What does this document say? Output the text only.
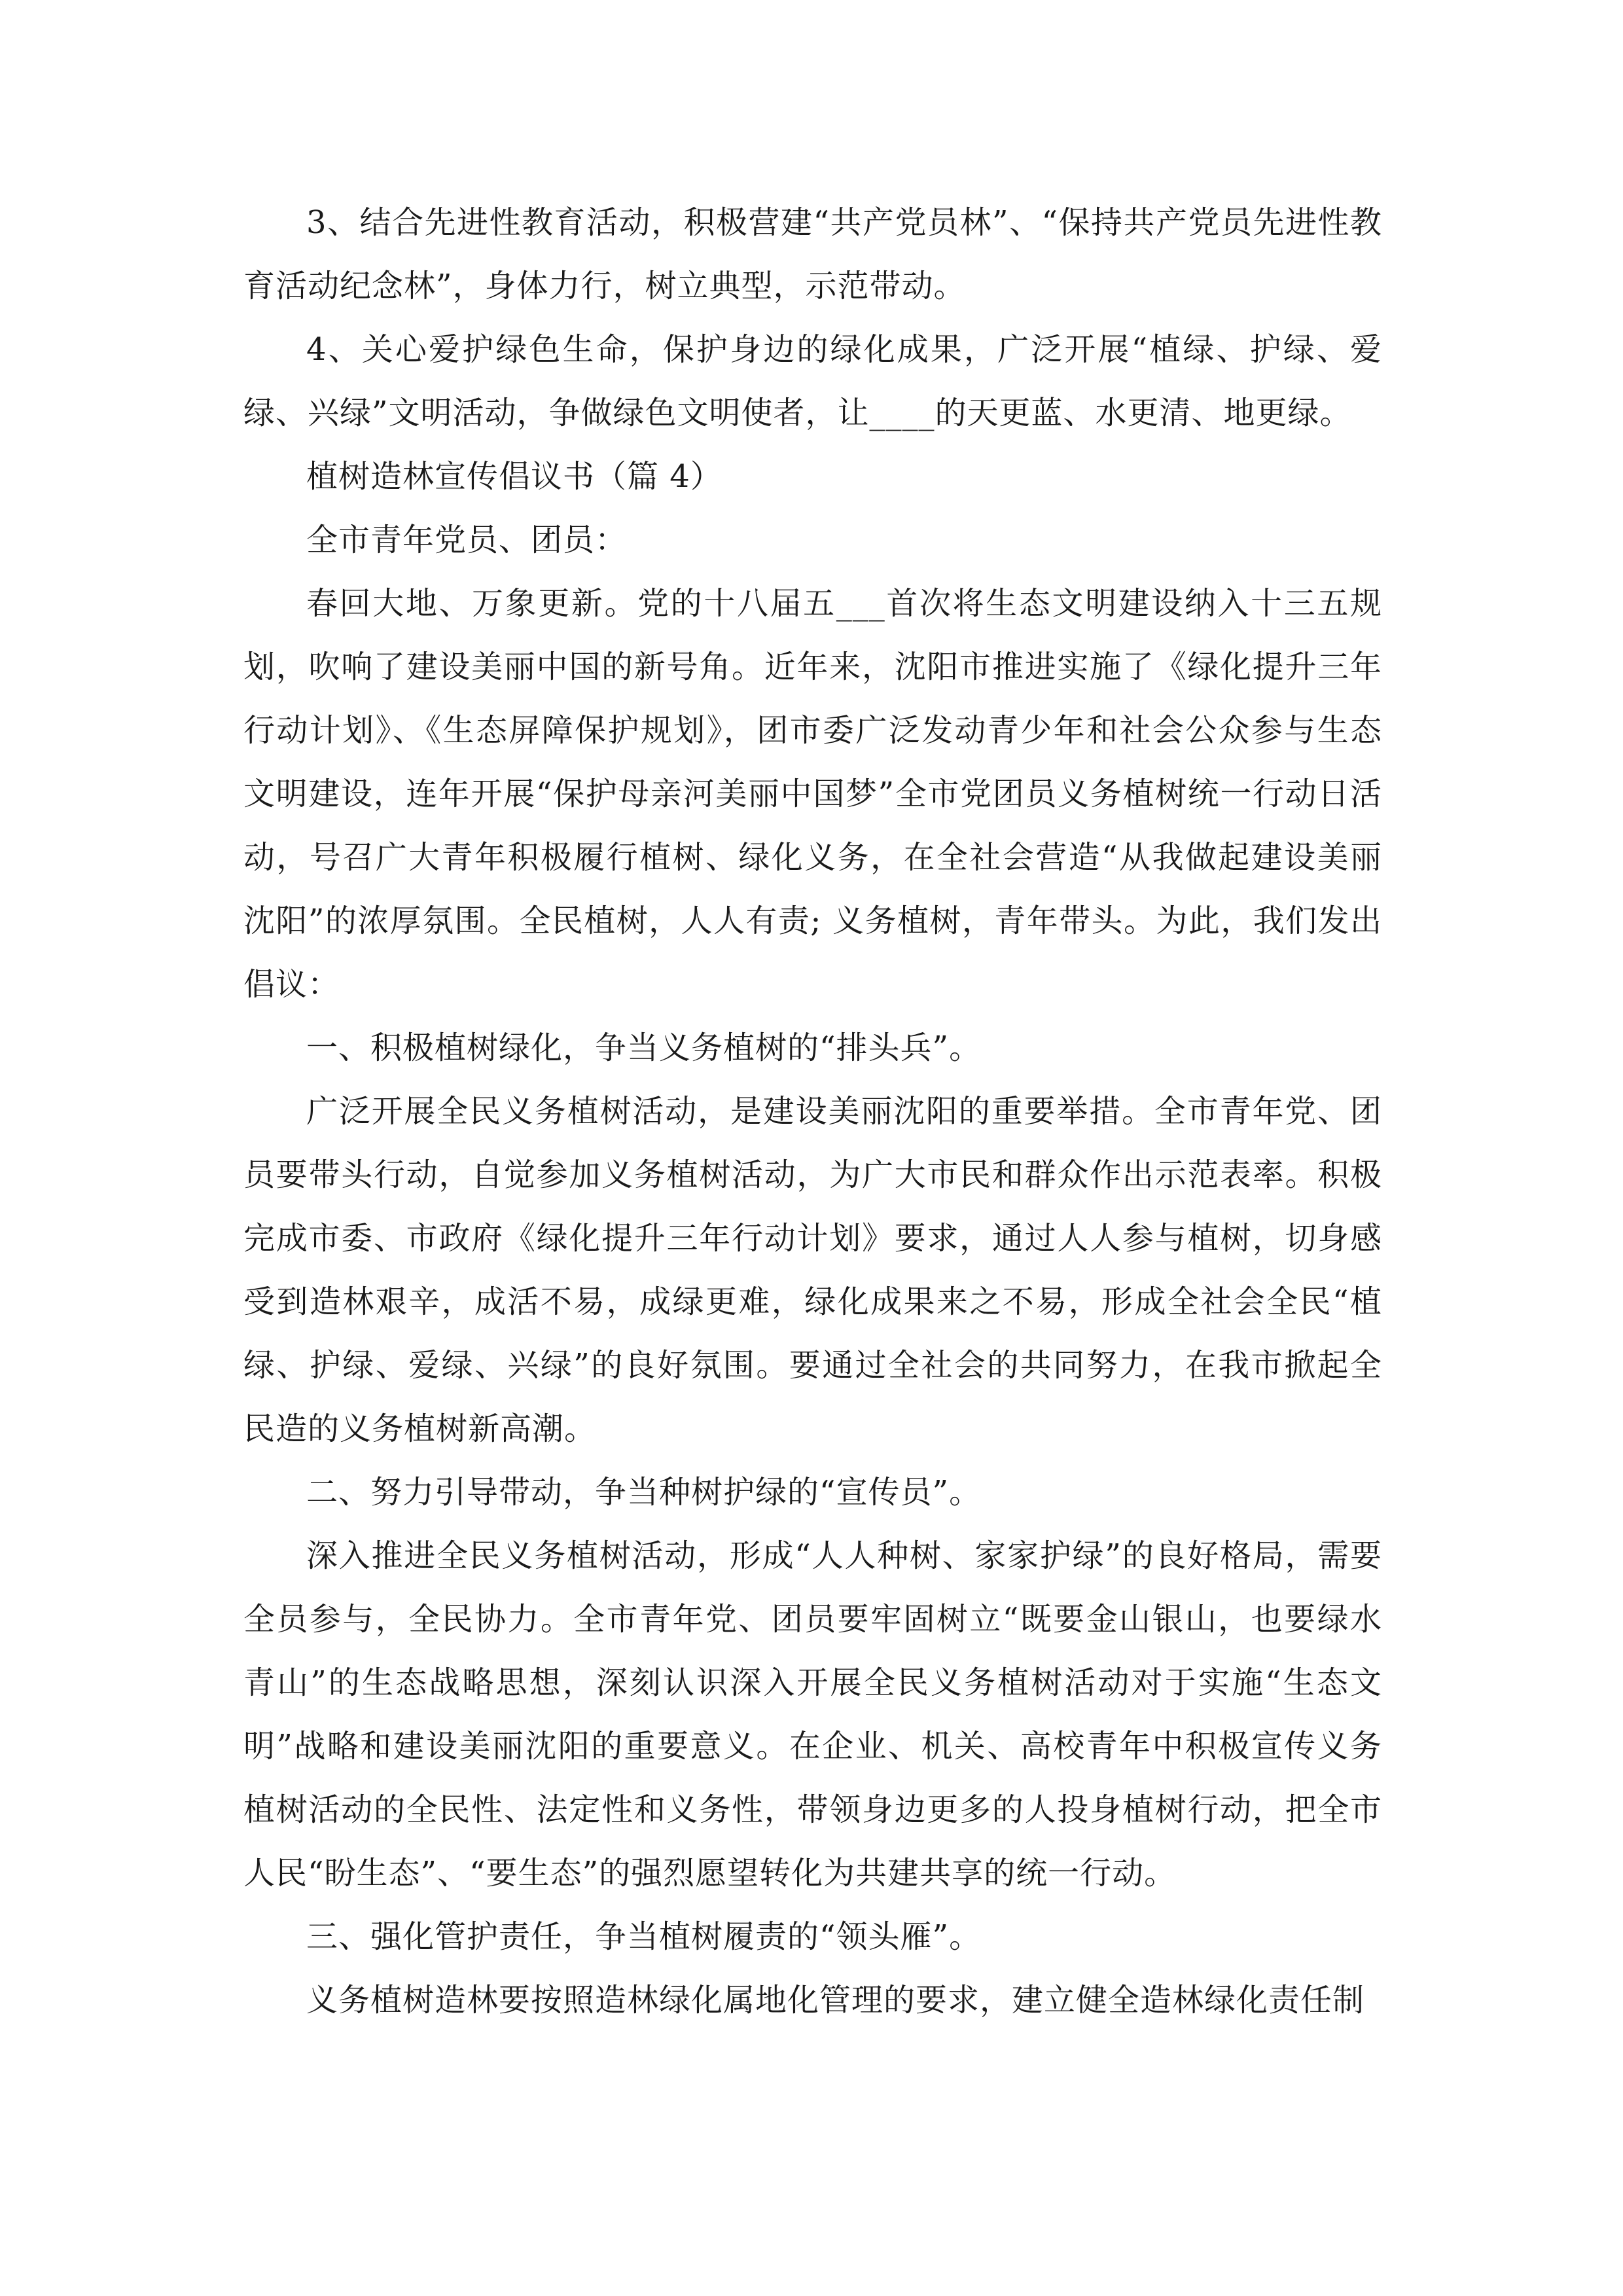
3、结合先进性教育活动，积极营建“共产党员林”、“保持共产党员先进性教育活动纪念林”，身体力行，树立典型，示范带动。

4、关心爱护绿色生命，保护身边的绿化成果，广泛开展“植绿、护绿、爱绿、兴绿”文明活动，争做绿色文明使者，让____的天更蓝、水更清、地更绿。

植树造林宣传倡议书（篇 4）

全市青年党员、团员：

春回大地、万象更新。党的十八届五___首次将生态文明建设纳入十三五规划，吹响了建设美丽中国的新号角。近年来，沈阳市推进实施了《绿化提升三年行动计划》、《生态屏障保护规划》，团市委广泛发动青少年和社会公众参与生态文明建设，连年开展“保护母亲河美丽中国梦”全市党团员义务植树统一行动日活动，号召广大青年积极履行植树、绿化义务，在全社会营造“从我做起建设美丽沈阳”的浓厚氛围。全民植树，人人有责; 义务植树，青年带头。为此，我们发出倡议：

一、积极植树绿化，争当义务植树的“排头兵”。

广泛开展全民义务植树活动，是建设美丽沈阳的重要举措。全市青年党、团员要带头行动，自觉参加义务植树活动，为广大市民和群众作出示范表率。积极完成市委、市政府《绿化提升三年行动计划》要求，通过人人参与植树，切身感受到造林艰辛，成活不易，成绿更难，绿化成果来之不易，形成全社会全民“植绿、护绿、爱绿、兴绿”的良好氛围。要通过全社会的共同努力，在我市掀起全民造的义务植树新高潮。

二、努力引导带动，争当种树护绿的“宣传员”。

深入推进全民义务植树活动，形成“人人种树、家家护绿”的良好格局，需要全员参与，全民协力。全市青年党、团员要牢固树立“既要金山银山，也要绿水青山”的生态战略思想，深刻认识深入开展全民义务植树活动对于实施“生态文明”战略和建设美丽沈阳的重要意义。在企业、机关、高校青年中积极宣传义务植树活动的全民性、法定性和义务性，带领身边更多的人投身植树行动，把全市人民“盼生态”、“要生态”的强烈愿望转化为共建共享的统一行动。

三、强化管护责任，争当植树履责的“领头雁”。

义务植树造林要按照造林绿化属地化管理的要求，建立健全造林绿化责任制
